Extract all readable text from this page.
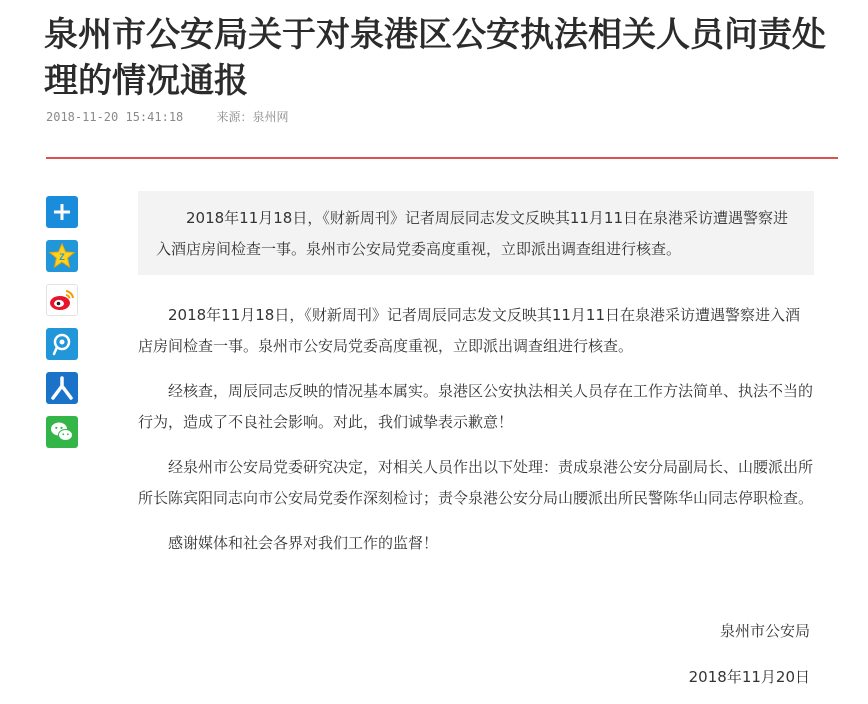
泉州市公安局关于对泉港区公安执法相关人员问责处理的情况通报
2018-11-20 15:41:18	来源：泉州网
Z
2018年11月18日，《财新周刊》记者周辰同志发文反映其11月11日在泉港采访遭遇警察进入酒店房间检查一事。泉州市公安局党委高度重视，立即派出调查组进行核查。

2018年11月18日，《财新周刊》记者周辰同志发文反映其11月11日在泉港采访遭遇警察进入酒店房间检查一事。泉州市公安局党委高度重视，立即派出调查组进行核查。

经核查，周辰同志反映的情况基本属实。泉港区公安执法相关人员存在工作方法简单、执法不当的行为，造成了不良社会影响。对此，我们诚挚表示歉意！

经泉州市公安局党委研究决定，对相关人员作出以下处理：责成泉港公安分局副局长、山腰派出所所长陈宾阳同志向市公安局党委作深刻检讨；责令泉港公安分局山腰派出所民警陈华山同志停职检查。

感谢媒体和社会各界对我们工作的监督！

泉州市公安局
2018年11月20日
